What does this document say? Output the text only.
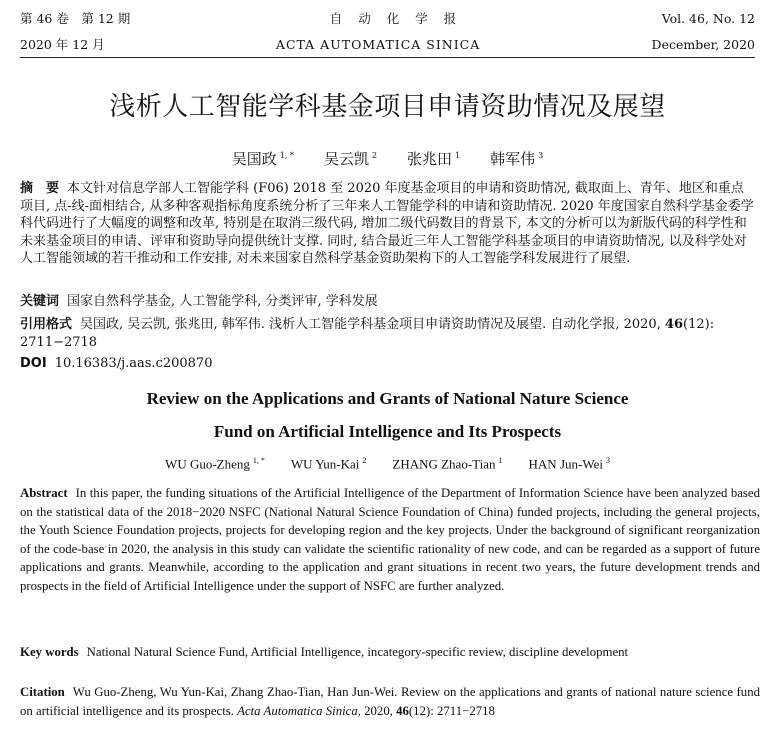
第 46 卷　第 12 期	自 动 化 学 报	Vol. 46, No. 12
2020 年 12 月	ACTA AUTOMATICA SINICA	December, 2020
浅析人工智能学科基金项目申请资助情况及展望
吴国政 $^{1, *}$ 吴云凯 $^2$ 张兆田 $^1$ 韩军伟 $^3$
摘　要 本文针对信息学部人工智能学科 (F06) 2018 至 2020 年度基金项目的申请和资助情况, 截取面上、青年、地区和重点项目, 点-线-面相结合, 从多种客观指标角度系统分析了三年来人工智能学科的申请和资助情况. 2020 年度国家自然科学基金委学科代码进行了大幅度的调整和改革, 特别是在取消三级代码, 增加二级代码数目的背景下, 本文的分析可以为新版代码的科学性和未来基金项目的申请、评审和资助导向提供统计支撑. 同时, 结合最近三年人工智能学科基金项目的申请资助情况, 以及科学处对人工智能领域的若干推动和工作安排, 对未来国家自然科学基金资助架构下的人工智能学科发展进行了展望.
关键词 国家自然科学基金, 人工智能学科, 分类评审, 学科发展
引用格式 吴国政, 吴云凯, 张兆田, 韩军伟. 浅析人工智能学科基金项目申请资助情况及展望. 自动化学报, 2020, 46(12): 2711−2718
DOI 10.16383/j.aas.c200870
Review on the Applications and Grants of National Nature Science
Fund on Artificial Intelligence and Its Prospects
WU Guo-Zheng $^{1, *}$ WU Yun-Kai $^2$ ZHANG Zhao-Tian $^1$ HAN Jun-Wei $^3$
Abstract In this paper, the funding situations of the Artificial Intelligence of the Department of Information Science have been analyzed based on the statistical data of the 2018−2020 NSFC (National Natural Science Foundation of China) funded projects, including the general projects, the Youth Science Foundation projects, projects for developing region and the key projects. Under the background of significant reorganization of the code-base in 2020, the analysis in this study can validate the scientific rationality of new code, and can be regarded as a support of future applications and grants. Meanwhile, according to the application and grant situations in recent two years, the future development trends and prospects in the field of Artificial Intelligence under the support of NSFC are further analyzed.
Key words National Natural Science Fund, Artificial Intelligence, incategory-specific review, discipline development
Citation Wu Guo-Zheng, Wu Yun-Kai, Zhang Zhao-Tian, Han Jun-Wei. Review on the applications and grants of national nature science fund on artificial intelligence and its prospects. Acta Automatica Sinica, 2020, 46(12): 2711−2718
